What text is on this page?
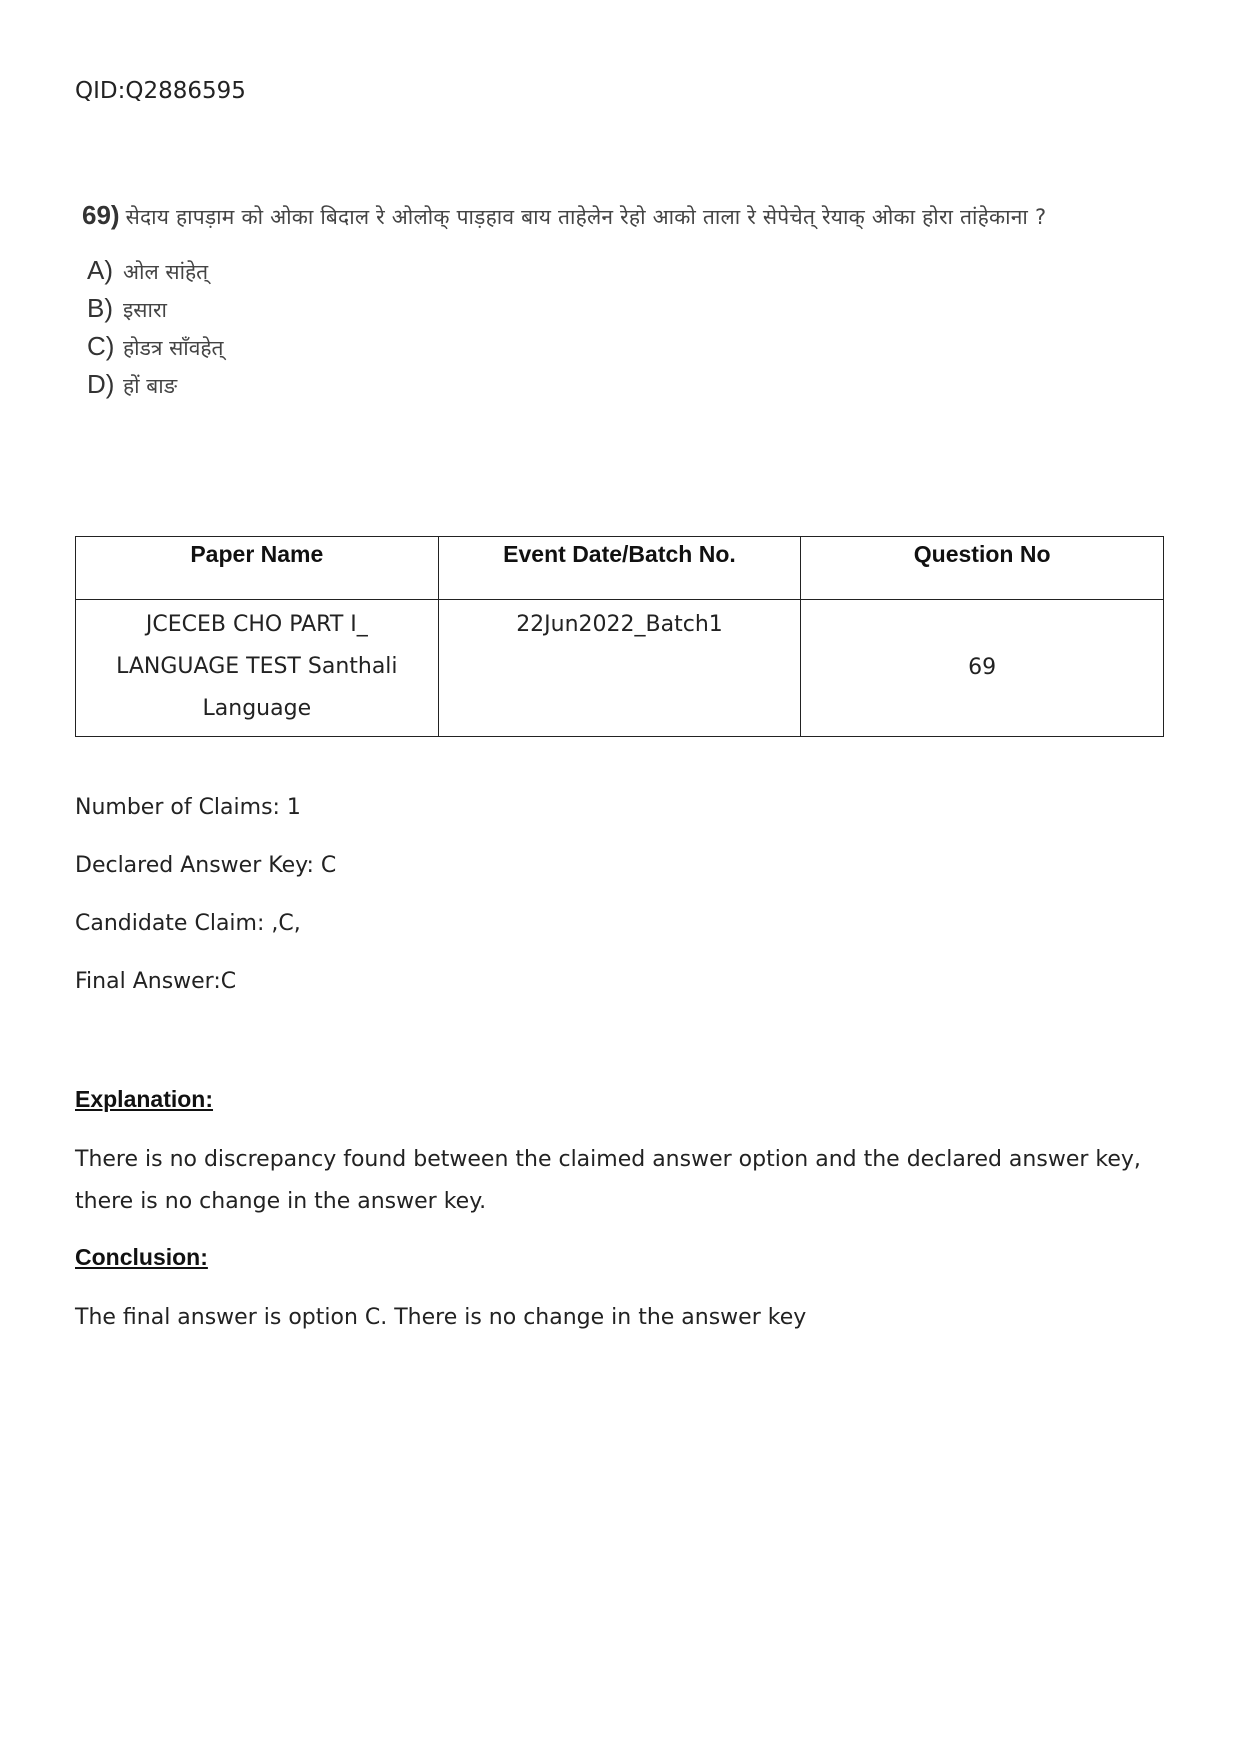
QID:Q2886595
69) सेदाय हापड़ाम को ओका बिदाल रे ओलोक् पाड़हाव बाय ताहेलेन रेहो आको ताला रे सेपेचेत् रेयाक् ओका होरा तांहेकाना ?
A) ओल सांहेत्
B) इसारा
C) होडत्र साँवहेत्
D) हों बाङ
Paper Name	Event Date/Batch No.	Question No

JCECEB CHO PART I_
LANGUAGE TEST Santhali
Language	22Jun2022_Batch1	69
Number of Claims: 1
Declared Answer Key: C
Candidate Claim: ,C,
Final Answer:C
Explanation:
There is no discrepancy found between the claimed answer option and the declared answer key, there is no change in the answer key.
Conclusion:
The final answer is option C. There is no change in the answer key
